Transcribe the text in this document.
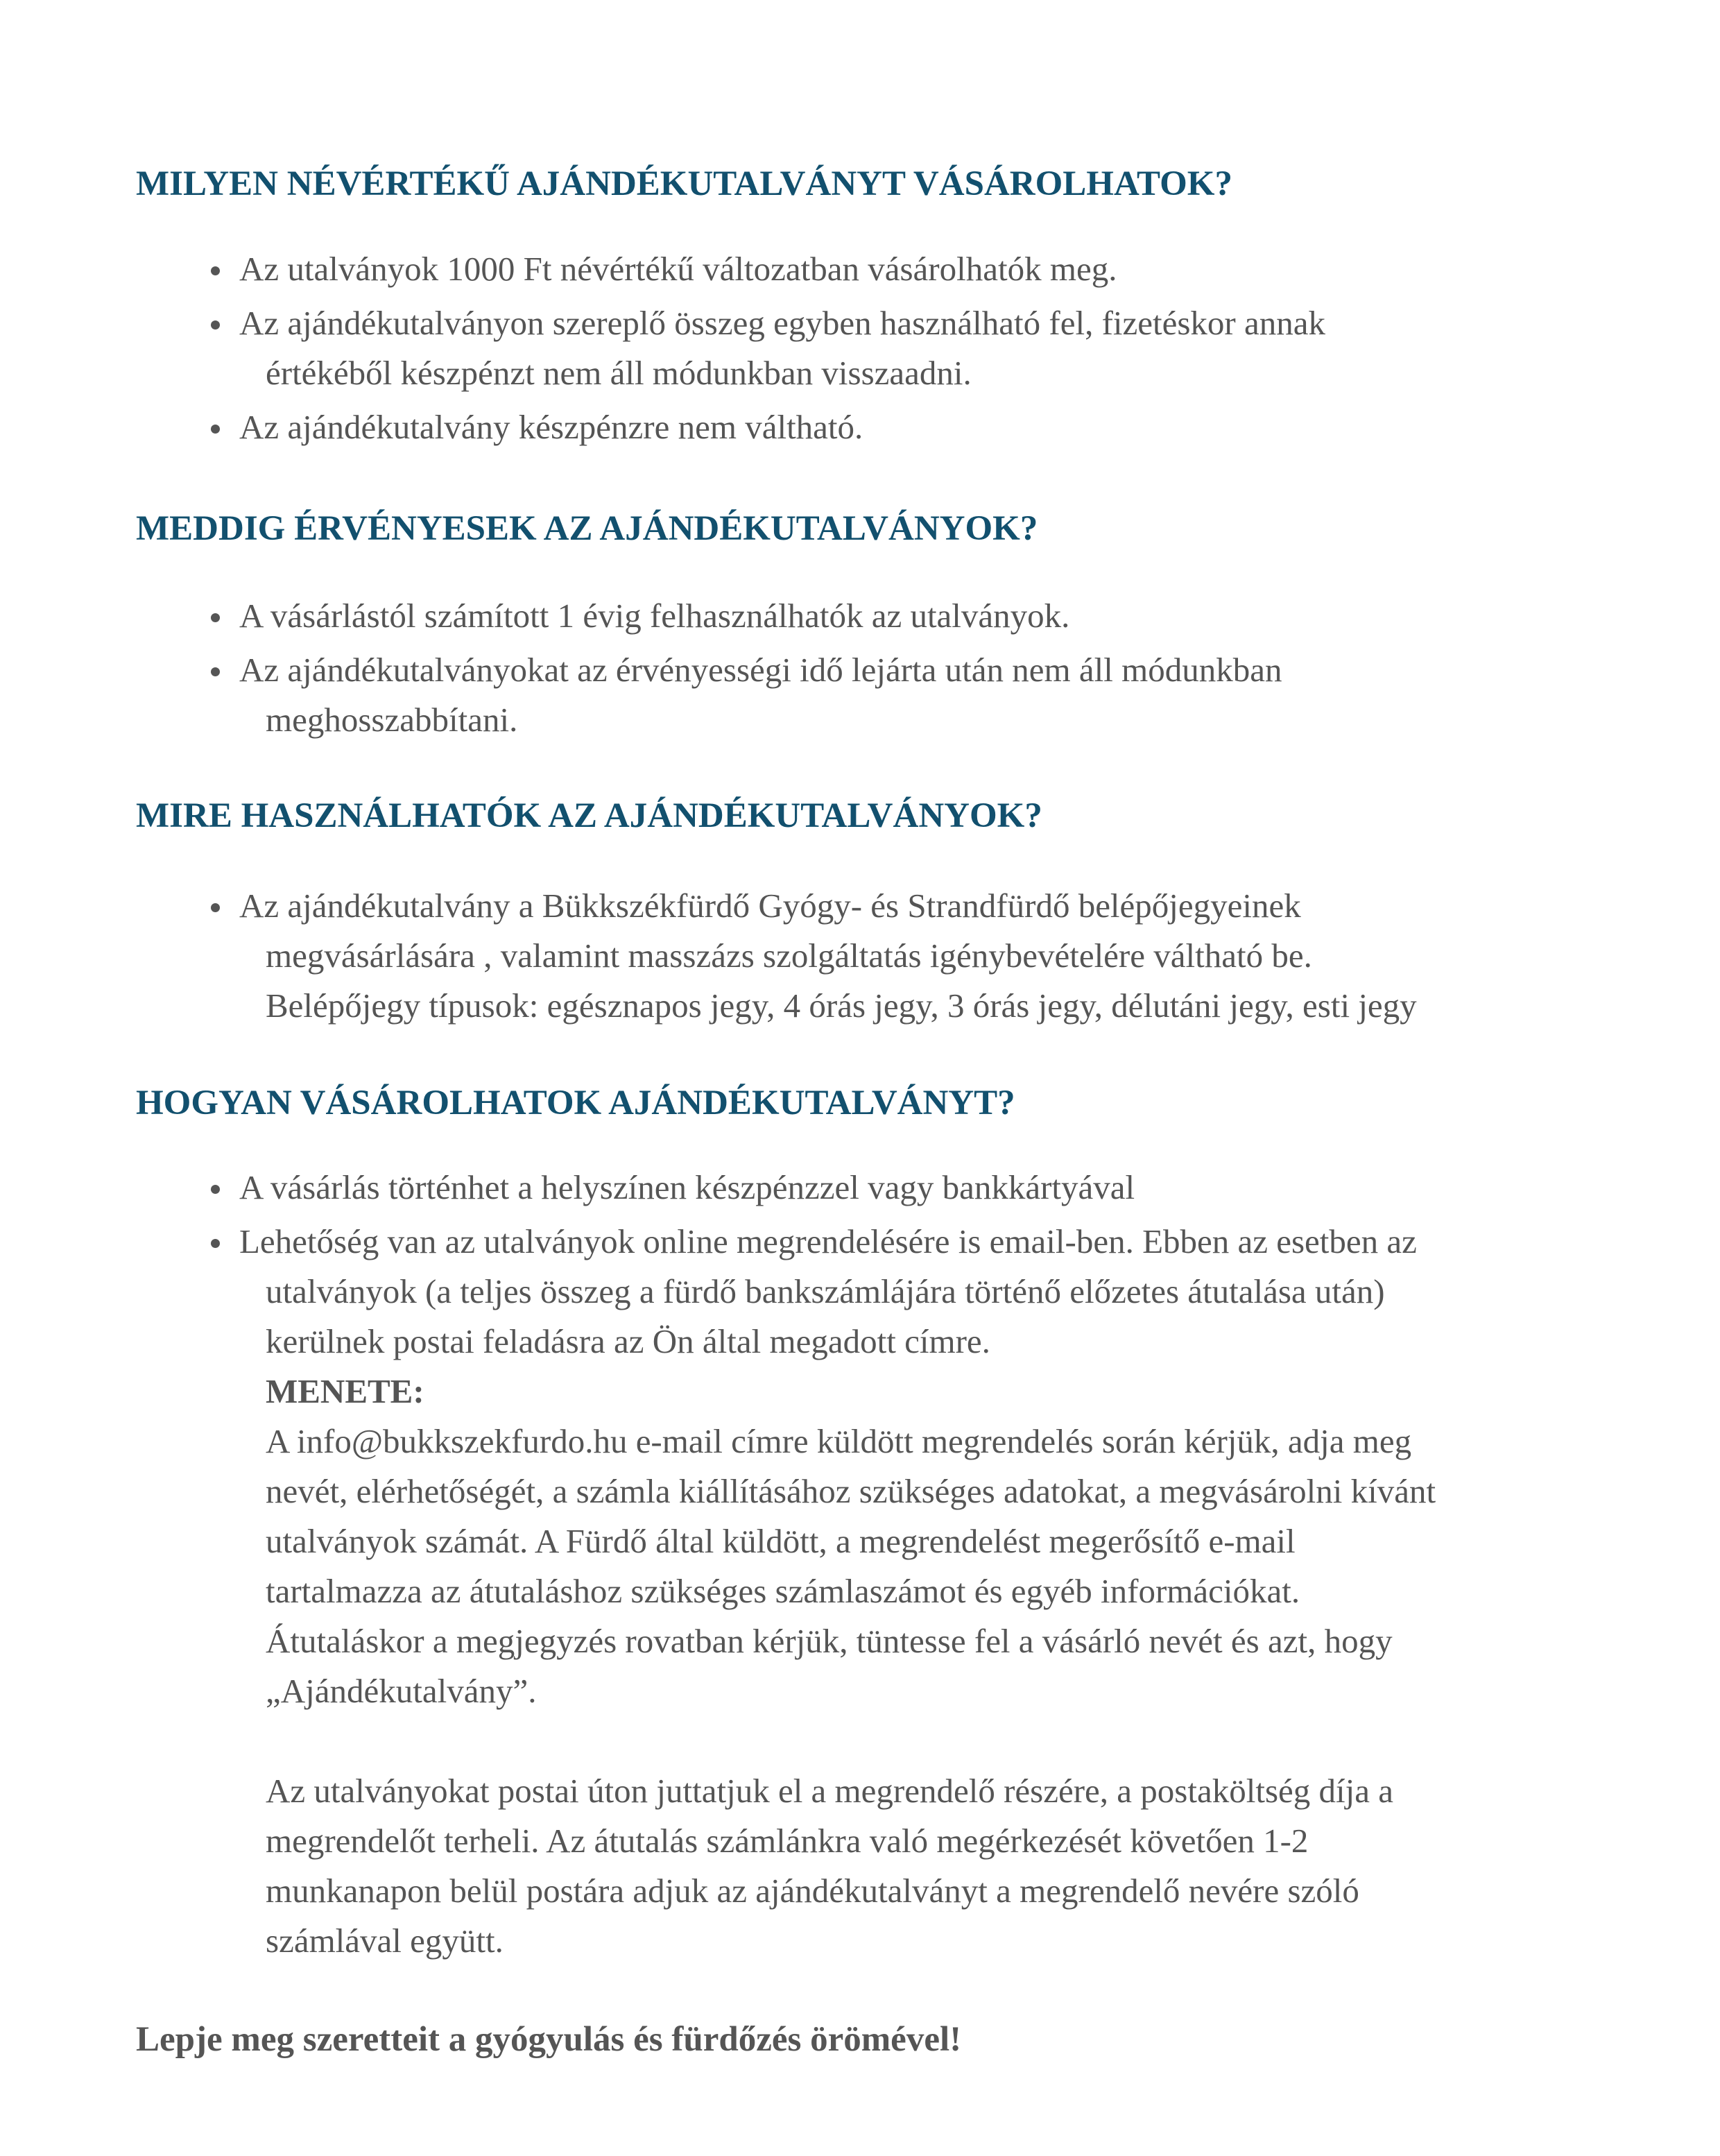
MILYEN NÉVÉRTÉKŰ AJÁNDÉKUTALVÁNYT VÁSÁROLHATOK?
Az utalványok 1000 Ft névértékű változatban vásárolhatók meg.
Az ajándékutalványon szereplő összeg egyben használható fel, fizetéskor annak
értékéből készpénzt nem áll módunkban visszaadni.
Az ajándékutalvány készpénzre nem váltható.
MEDDIG ÉRVÉNYESEK AZ AJÁNDÉKUTALVÁNYOK?
A vásárlástól számított 1 évig felhasználhatók az utalványok.
Az ajándékutalványokat az érvényességi idő lejárta után nem áll módunkban
meghosszabbítani.
MIRE HASZNÁLHATÓK AZ AJÁNDÉKUTALVÁNYOK?
Az ajándékutalvány a Bükkszékfürdő Gyógy- és Strandfürdő belépőjegyeinek
megvásárlására , valamint masszázs szolgáltatás igénybevételére váltható be.
Belépőjegy típusok: egésznapos jegy, 4 órás jegy, 3 órás jegy, délutáni jegy, esti jegy
HOGYAN VÁSÁROLHATOK AJÁNDÉKUTALVÁNYT?
A vásárlás történhet a helyszínen készpénzzel vagy bankkártyával
Lehetőség van az utalványok online megrendelésére is email-ben. Ebben az esetben az
utalványok (a teljes összeg a fürdő bankszámlájára történő előzetes átutalása után)
kerülnek postai feladásra az Ön által megadott címre.
MENETE:
A info@bukkszekfurdo.hu e-mail címre küldött megrendelés során kérjük, adja meg
nevét, elérhetőségét, a számla kiállításához szükséges adatokat, a megvásárolni kívánt
utalványok számát. A Fürdő által küldött, a megrendelést megerősítő e-mail
tartalmazza az átutaláshoz szükséges számlaszámot és egyéb információkat.
Átutaláskor a megjegyzés rovatban kérjük, tüntesse fel a vásárló nevét és azt, hogy
„Ajándékutalvány”.
Az utalványokat postai úton juttatjuk el a megrendelő részére, a postaköltség díja a
megrendelőt terheli. Az átutalás számlánkra való megérkezését követően 1-2
munkanapon belül postára adjuk az ajándékutalványt a megrendelő nevére szóló
számlával együtt.

Lepje meg szeretteit a gyógyulás és fürdőzés örömével!
